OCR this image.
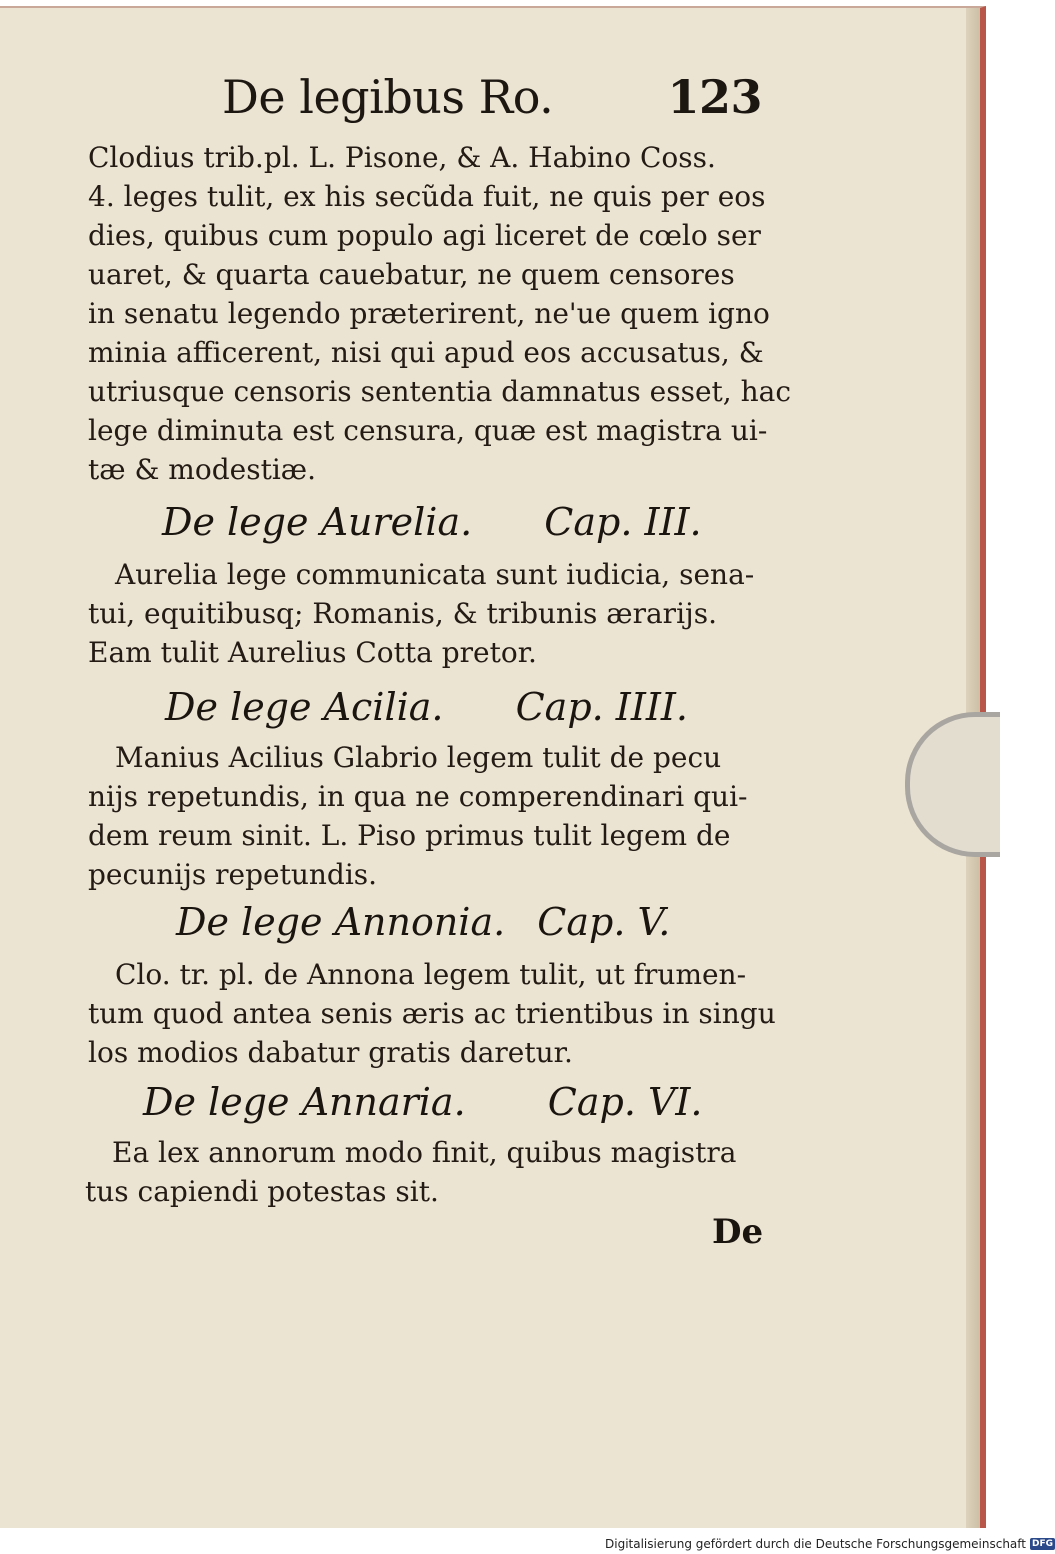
De legibus Ro. 123
Clodius trib.pl. L. Pisone, & A. Habino Coss.
4. leges tulit, ex his secũda fuit, ne quis per eos
dies, quibus cum populo agi liceret de cœlo ser
uaret, & quarta cauebatur, ne quem censores
in senatu legendo præterirent, ne'ue quem igno
minia afficerent, nisi qui apud eos accusatus, &
utriusque censoris sententia damnatus esset, hac
lege diminuta est censura, quæ est magistra ui-
tæ & modestiæ.
De lege Aurelia. Cap. III.
Aurelia lege communicata sunt iudicia, sena-
tui, equitibusq; Romanis, & tribunis ærarijs.
Eam tulit Aurelius Cotta pretor.
De lege Acilia. Cap. IIII.
Manius Acilius Glabrio legem tulit de pecu
nijs repetundis, in qua ne comperendinari qui-
dem reum sinit. L. Piso primus tulit legem de
pecunijs repetundis.
De lege Annonia. Cap. V.
Clo. tr. pl. de Annona legem tulit, ut frumen-
tum quod antea senis æris ac trientibus in singu
los modios dabatur gratis daretur.
De lege Annaria. Cap. VI.
Ea lex annorum modo finit, quibus magistra
tus capiendi potestas sit.
De
Digitalisierung gefördert durch die Deutsche Forschungsgemeinschaft DFG
